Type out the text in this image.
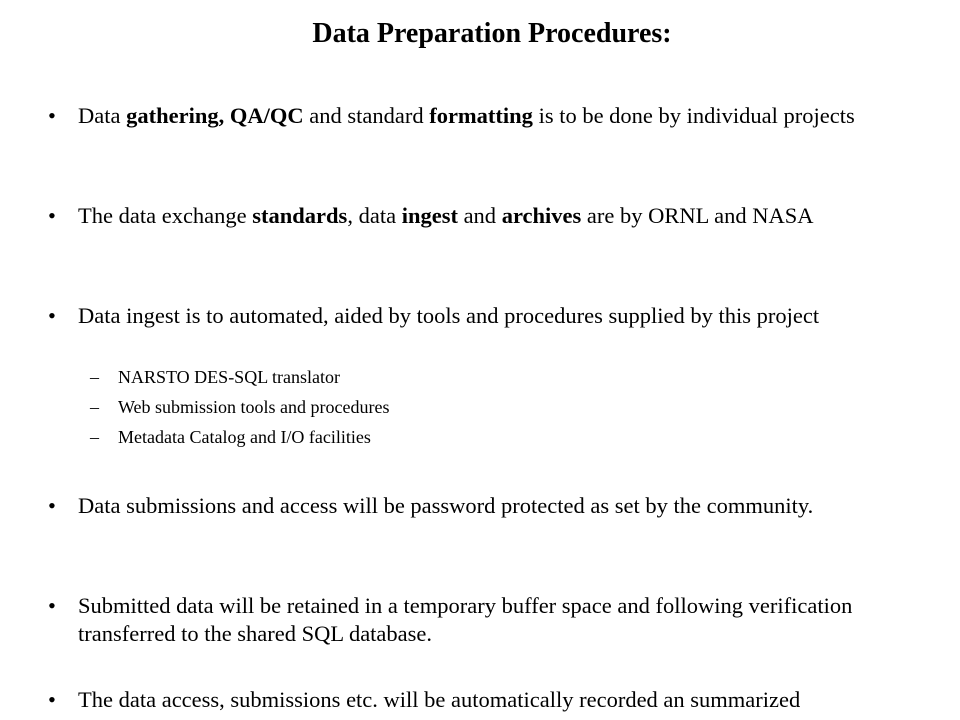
Data Preparation Procedures:
• Data gathering, QA/QC and standard formatting is to be done by individual projects
• The data exchange standards, data ingest and archives are by ORNL and NASA
• Data ingest is to automated, aided by tools and procedures supplied by this project
– NARSTO DES-SQL translator
– Web submission tools and procedures
– Metadata Catalog and I/O facilities
• Data submissions and access will be password protected as set by the community.
• Submitted data will be retained in a temporary buffer space and following verification transferred to the shared SQL database.
• The data access, submissions etc. will be automatically recorded an summarized
